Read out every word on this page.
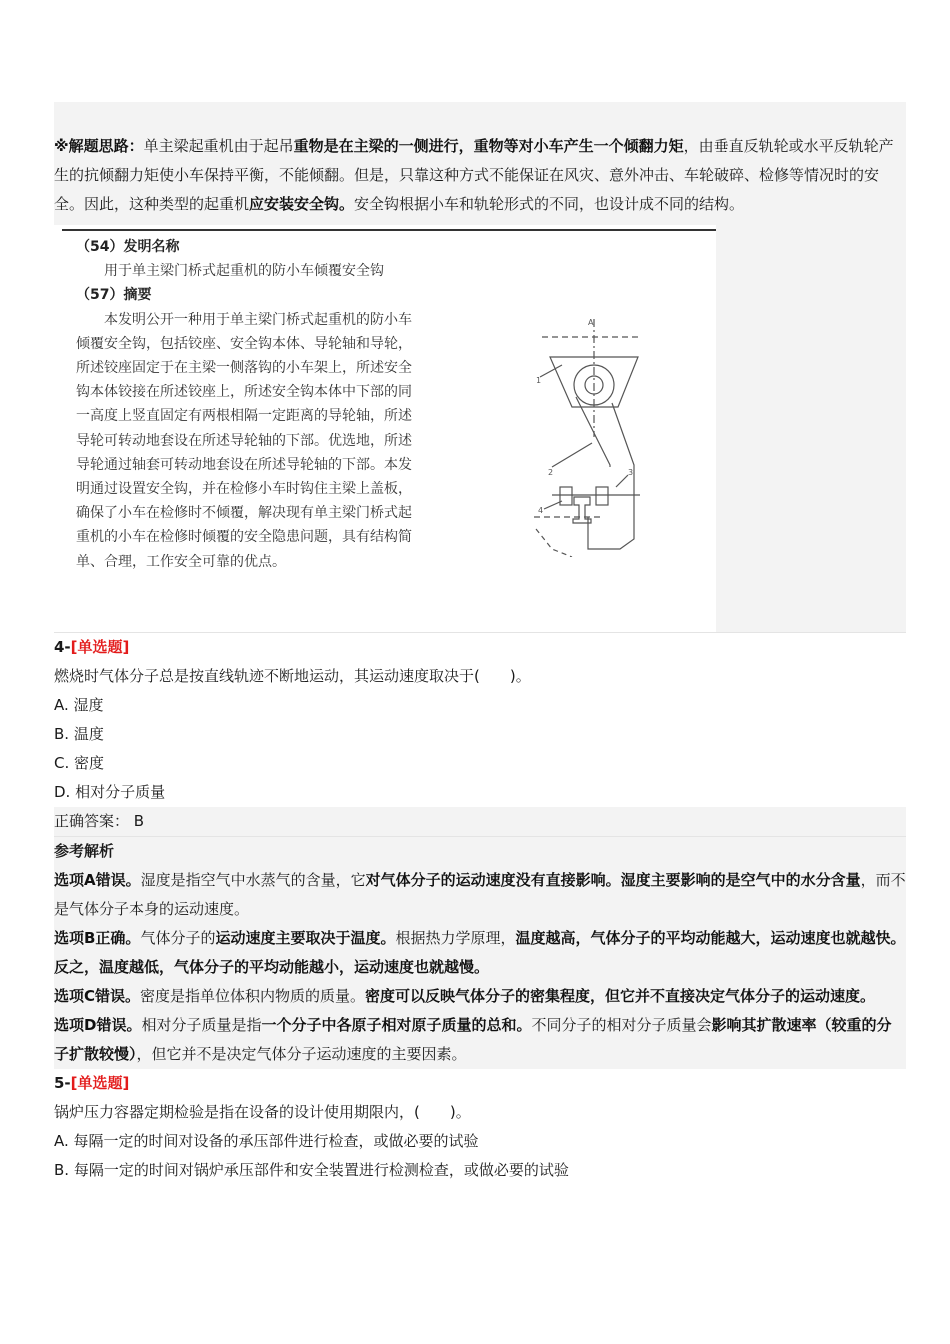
※解题思路：单主梁起重机由于起吊重物是在主梁的一侧进行，重物等对小车产生一个倾翻力矩，由垂直反轨轮或水平反轨轮产生的抗倾翻力矩使小车保持平衡，不能倾翻。但是，只靠这种方式不能保证在风灾、意外冲击、车轮破碎、检修等情况时的安全。因此，这种类型的起重机应安装安全钩。安全钩根据小车和轨轮形式的不同，也设计成不同的结构。

（54）发明名称

用于单主梁门桥式起重机的防小车倾覆安全钩

（57）摘要

本发明公开一种用于单主梁门桥式起重机的防小车倾覆安全钩，包括铰座、安全钩本体、导轮轴和导轮，所述铰座固定于在主梁一侧落钩的小车架上，所述安全钩本体铰接在所述铰座上，所述安全钩本体中下部的同一高度上竖直固定有两根相隔一定距离的导轮轴，所述导轮可转动地套设在所述导轮轴的下部。优选地，所述导轮通过轴套可转动地套设在所述导轮轴的下部。本发明通过设置安全钩，并在检修小车时钩住主梁上盖板，确保了小车在检修时不倾覆，解决现有单主梁门桥式起重机的小车在检修时倾覆的安全隐患问题，具有结构简单、合理，工作安全可靠的优点。

1
2	3
4
A
4-[单选题]

燃烧时气体分子总是按直线轨迹不断地运动，其运动速度取决于(　　)。

A. 湿度

B. 温度

C. 密度

D. 相对分子质量

正确答案： B
参考解析

选项A错误。湿度是指空气中水蒸气的含量，它对气体分子的运动速度没有直接影响。湿度主要影响的是空气中的水分含量，而不是气体分子本身的运动速度。

选项B正确。气体分子的运动速度主要取决于温度。根据热力学原理，温度越高，气体分子的平均动能越大，运动速度也就越快。反之，温度越低，气体分子的平均动能越小，运动速度也就越慢。

选项C错误。密度是指单位体积内物质的质量。密度可以反映气体分子的密集程度，但它并不直接决定气体分子的运动速度。

选项D错误。相对分子质量是指一个分子中各原子相对原子质量的总和。不同分子的相对分子质量会影响其扩散速率（较重的分子扩散较慢），但它并不是决定气体分子运动速度的主要因素。

5-[单选题]

锅炉压力容器定期检验是指在设备的设计使用期限内，(　　)。

A. 每隔一定的时间对设备的承压部件进行检查，或做必要的试验

B. 每隔一定的时间对锅炉承压部件和安全装置进行检测检查，或做必要的试验
